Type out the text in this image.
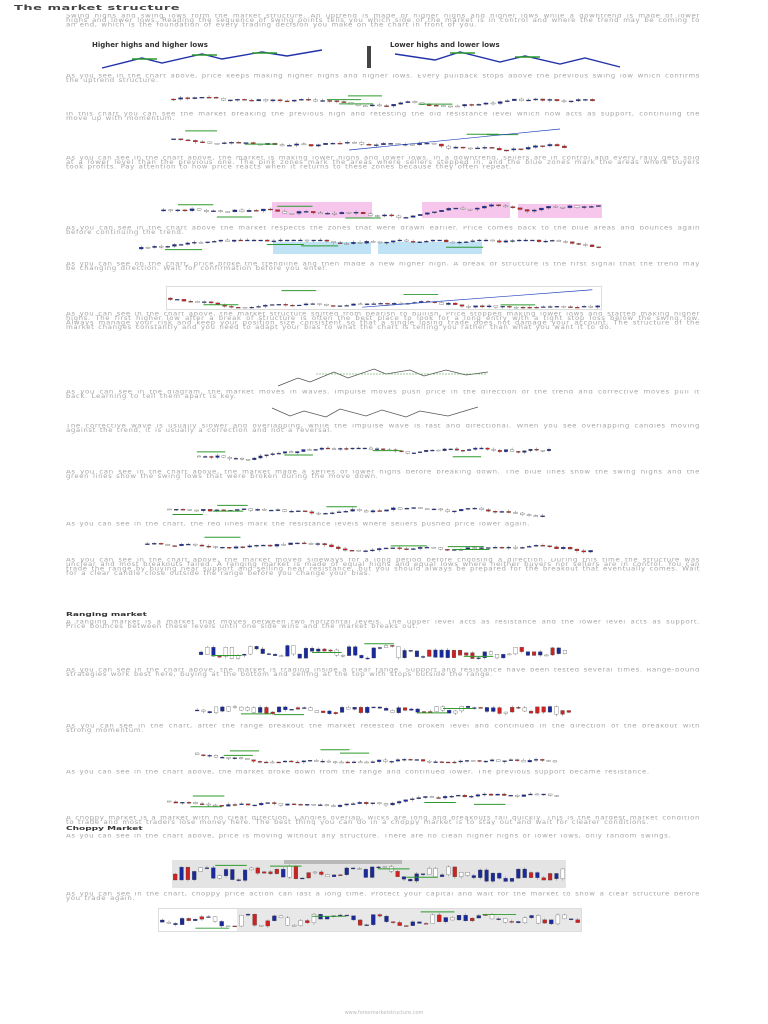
The market structure
Swing highs and swing lows form the market structure. An uptrend is made of higher highs and higher lows while a downtrend is made of lower highs and lower lows. Reading the sequence of swing points tells you which side of the market is in control and where the trend may be coming to an end, which is the foundation of every trading decision you make on the chart in front of you.
Higher highs and higher lows	Lower highs and lower lows
As you see in the chart above, price keeps making higher highs and higher lows. Every pullback stops above the previous swing low which confirms the uptrend structure.
In this chart you can see the market breaking the previous high and retesting the old resistance level which now acts as support, continuing the move up with momentum.
As you can see in the chart above, the market is making lower highs and lower lows. In a downtrend, sellers are in control and every rally gets sold at a lower level than the previous one. The pink zones mark the areas where sellers stepped in, and the blue zones mark the areas where buyers took profits. Pay attention to how price reacts when it returns to these zones because they often repeat.
As you can see in the chart above the market respects the zones that were drawn earlier. Price comes back to the blue areas and bounces again before continuing the trend.
As you can see on the chart, price broke the trendline and then made a new higher high. A break of structure is the first signal that the trend may be changing direction. Wait for confirmation before you enter.
As you can see in the chart above, the market structure shifted from bearish to bullish. Price stopped making lower lows and started making higher highs. The first higher low after a break of structure is often the best place to look for a long entry with a tight stop loss below the swing low. Always manage your risk and keep your position size consistent so that a single losing trade does not damage your account. The structure of the market changes constantly and you need to adapt your bias to what the chart is telling you rather than what you want it to do.
As you can see in the diagram, the market moves in waves. Impulse moves push price in the direction of the trend and corrective moves pull it back. Learning to tell them apart is key.
The corrective wave is usually slower and overlapping, while the impulse wave is fast and directional. When you see overlapping candles moving against the trend, it is usually a correction and not a reversal.
As you can see in the chart above, the market made a series of lower highs before breaking down. The blue lines show the swing highs and the green lines show the swing lows that were broken during the move down.
As you can see in the chart, the red lines mark the resistance levels where sellers pushed price lower again.
As you can see in the chart above, the market moved sideways for a long period before choosing a direction. During this time the structure was unclear and most breakouts failed. A ranging market is made of equal highs and equal lows where neither buyers nor sellers are in control. You can trade the range by buying near support and selling near resistance, but you should always be prepared for the breakout that eventually comes. Wait for a clear candle close outside the range before you change your bias.
Ranging market
A ranging market is a market that moves between two horizontal levels. The upper level acts as resistance and the lower level acts as support. Price bounces between these levels until one side wins and the market breaks out.
As you can see in the chart above, the market is trading inside a clear range. Support and resistance have been tested several times. Range-bound strategies work best here, buying at the bottom and selling at the top with stops outside the range.
As you can see in the chart, after the range breakout the market retested the broken level and continued in the direction of the breakout with strong momentum.
As you can see in the chart above, the market broke down from the range and continued lower. The previous support became resistance.
A choppy market is a market with no clear direction. Candles overlap, wicks are long and breakouts fail quickly. This is the hardest market condition to trade and most traders lose money here. The best thing you can do in a choppy market is to stay out and wait for clearer conditions.
Choppy Market
As you can see in the chart above, price is moving without any structure. There are no clean higher highs or lower lows, only random swings.
As you can see in the chart, choppy price action can last a long time. Protect your capital and wait for the market to show a clear structure before you trade again.
www.forexmarketstructure.com
